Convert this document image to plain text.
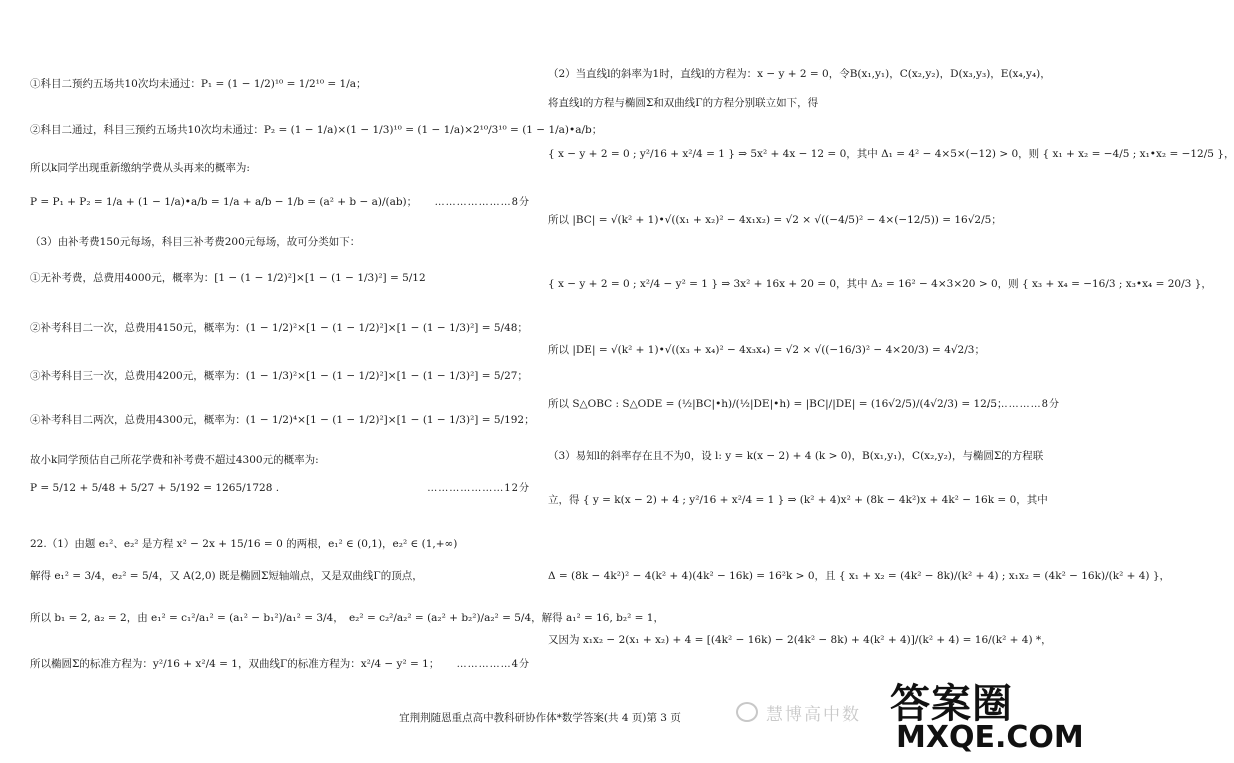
①科目二预约五场共10次均未通过：P₁ = (1 − 1/2)¹⁰ = 1/2¹⁰ = 1/a；
②科目二通过，科目三预约五场共10次均未通过：P₂ = (1 − 1/a)×(1 − 1/3)¹⁰ = (1 − 1/a)×2¹⁰/3¹⁰ = (1 − 1/a)•a/b；
所以k同学出现重新缴纳学费从头再来的概率为:
P = P₁ + P₂ = 1/a + (1 − 1/a)•a/b = 1/a + a/b − 1/b = (a² + b − a)/(ab)； …………………8分
（3）由补考费150元每场，科目三补考费200元每场，故可分类如下：
①无补考费，总费用4000元，概率为：[1 − (1 − 1/2)²]×[1 − (1 − 1/3)²] = 5/12
②补考科目二一次，总费用4150元，概率为：(1 − 1/2)²×[1 − (1 − 1/2)²]×[1 − (1 − 1/3)²] = 5/48；
③补考科目三一次，总费用4200元，概率为：(1 − 1/3)²×[1 − (1 − 1/2)²]×[1 − (1 − 1/3)²] = 5/27；
④补考科目二两次，总费用4300元，概率为：(1 − 1/2)⁴×[1 − (1 − 1/2)²]×[1 − (1 − 1/3)²] = 5/192；
故小k同学预估自己所花学费和补考费不超过4300元的概率为:
P = 5/12 + 5/48 + 5/27 + 5/192 = 1265/1728 .	…………………12分
22.（1）由题 e₁²、e₂² 是方程 x² − 2x + 15/16 = 0 的两根，e₁² ∈ (0,1)，e₂² ∈ (1,+∞)
解得 e₁² = 3/4，e₂² = 5/4，又 A(2,0) 既是椭圆Σ短轴端点，又是双曲线Γ的顶点，
所以 b₁ = 2, a₂ = 2，由 e₁² = c₁²/a₁² = (a₁² − b₁²)/a₁² = 3/4，　e₂² = c₂²/a₂² = (a₂² + b₂²)/a₂² = 5/4，解得 a₁² = 16, b₂² = 1，
所以椭圆Σ的标准方程为：y²/16 + x²/4 = 1，双曲线Γ的标准方程为：x²/4 − y² = 1； ……………4分
（2）当直线l的斜率为1时，直线l的方程为：x − y + 2 = 0，令B(x₁,y₁)，C(x₂,y₂)，D(x₃,y₃)，E(x₄,y₄)，
将直线l的方程与椭圆Σ和双曲线Γ的方程分别联立如下，得
{ x − y + 2 = 0 ; y²/16 + x²/4 = 1 } ⇒ 5x² + 4x − 12 = 0，其中 Δ₁ = 4² − 4×5×(−12) > 0，则 { x₁ + x₂ = −4/5 ; x₁•x₂ = −12/5 }，
所以 |BC| = √(k² + 1)•√((x₁ + x₂)² − 4x₁x₂) = √2 × √((−4/5)² − 4×(−12/5)) = 16√2/5；
{ x − y + 2 = 0 ; x²/4 − y² = 1 } ⇒ 3x² + 16x + 20 = 0，其中 Δ₂ = 16² − 4×3×20 > 0，则 { x₃ + x₄ = −16/3 ; x₃•x₄ = 20/3 }，
所以 |DE| = √(k² + 1)•√((x₃ + x₄)² − 4x₃x₄) = √2 × √((−16/3)² − 4×20/3) = 4√2/3；
所以 S△OBC : S△ODE = (½|BC|•h)/(½|DE|•h) = |BC|/|DE| = (16√2/5)/(4√2/3) = 12/5；
……………8分
（3）易知l的斜率存在且不为0，设 l: y = k(x − 2) + 4 (k > 0)，B(x₁,y₁)，C(x₂,y₂)，与椭圆Σ的方程联
立，得 { y = k(x − 2) + 4 ; y²/16 + x²/4 = 1 } ⇒ (k² + 4)x² + (8k − 4k²)x + 4k² − 16k = 0，其中
Δ = (8k − 4k²)² − 4(k² + 4)(4k² − 16k) = 16²k > 0，且 { x₁ + x₂ = (4k² − 8k)/(k² + 4) ; x₁x₂ = (4k² − 16k)/(k² + 4) }，
又因为 x₁x₂ − 2(x₁ + x₂) + 4 = [(4k² − 16k) − 2(4k² − 8k) + 4(k² + 4)]/(k² + 4) = 16/(k² + 4) *，
宜荆荆随恩重点高中教科研协作体*数学答案(共 4 页)第 3 页	慧博高中数 答案圈
MXQE.COM
